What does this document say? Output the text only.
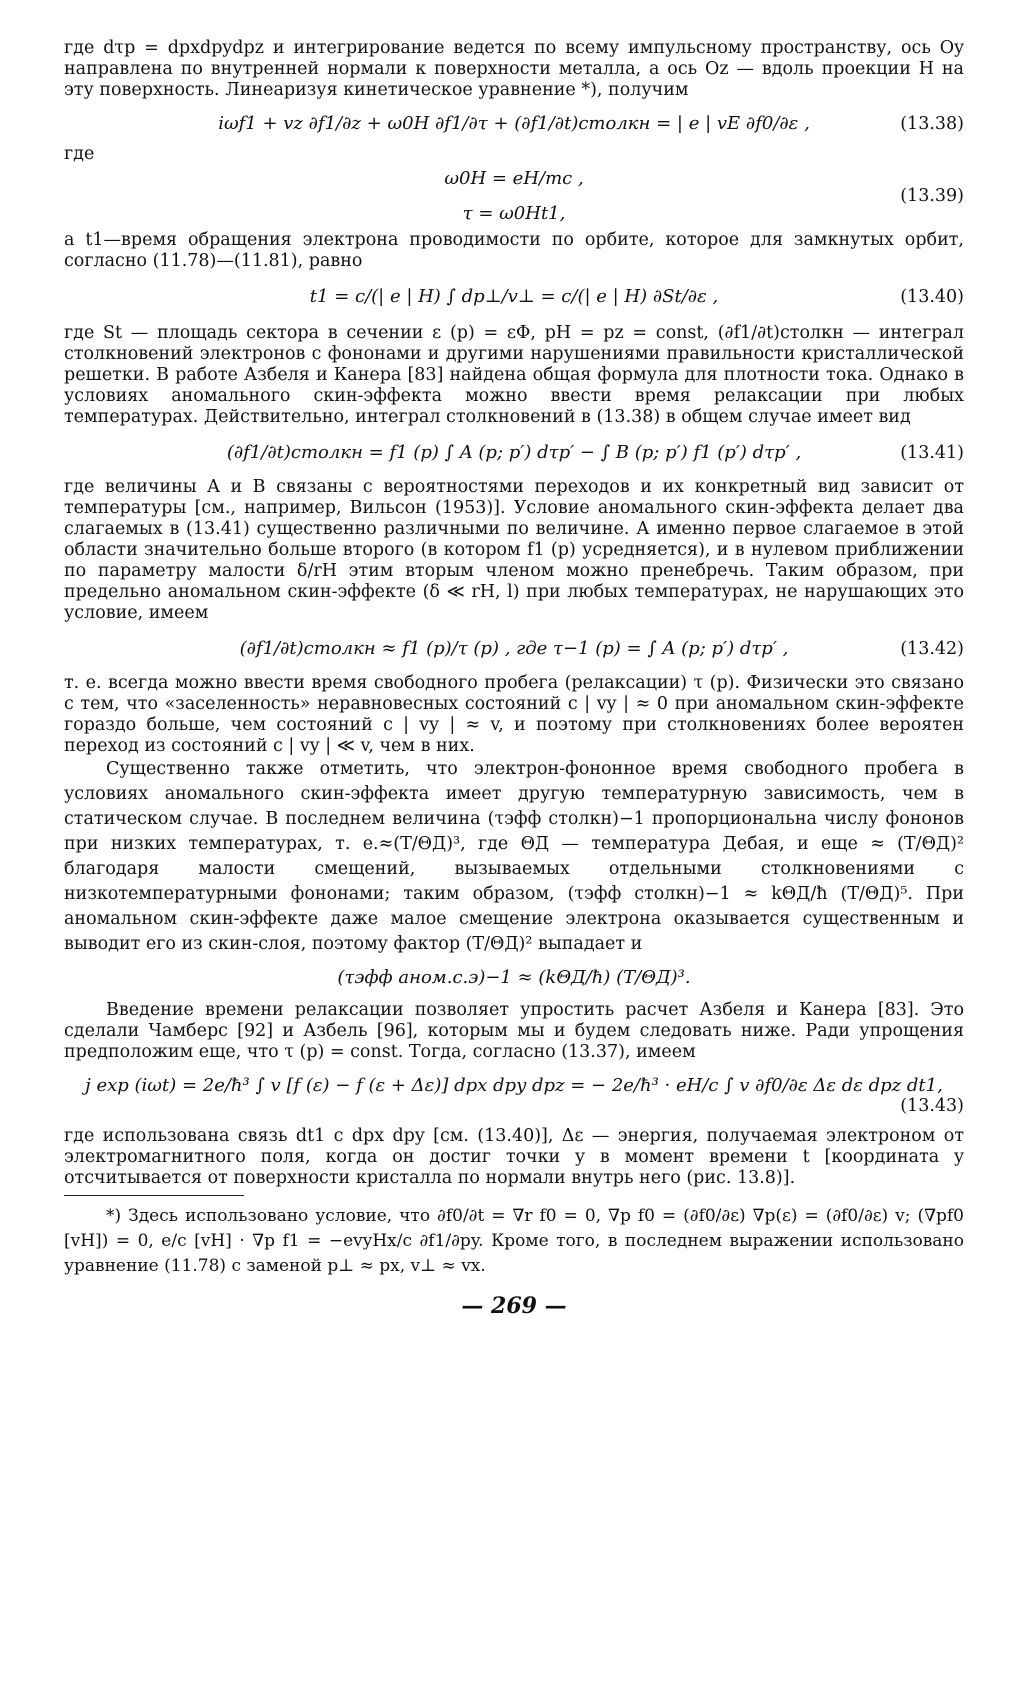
где dτp = dpxdpydpz и интегрирование ведется по всему импульсному пространству, ось Oy направлена по внутренней нормали к поверхности металла, а ось Oz — вдоль проекции H на эту поверхность. Линеаризуя кинетическое уравнение *), получим

iωf1 + vz ∂f1/∂z + ω0H ∂f1/∂τ + (∂f1/∂t)столкн = | e | vE ∂f0/∂ε ,	(13.38)

где

ω0H = eH/mc ,
τ = ω0Ht1,
(13.39)

а t1—время обращения электрона проводимости по орбите, которое для замкнутых орбит, согласно (11.78)—(11.81), равно

t1 = c/(| e | H) ∫ dp⊥/v⊥ = c/(| e | H) ∂St/∂ε ,	(13.40)

где St — площадь сектора в сечении ε (p) = εΦ, pH = pz = const, (∂f1/∂t)столкн — интеграл столкновений электронов с фононами и другими нарушениями правильности кристаллической решетки. В работе Азбеля и Канера [83] найдена общая формула для плотности тока. Однако в условиях аномального скин-эффекта можно ввести время релаксации при любых температурах. Действительно, интеграл столкновений в (13.38) в общем случае имеет вид

(∂f1/∂t)столкн = f1 (p) ∫ A (p; p′) dτp′ − ∫ B (p; p′) f1 (p′) dτp′ ,	(13.41)

где величины A и B связаны с вероятностями переходов и их конкретный вид зависит от температуры [см., например, Вильсон (1953)]. Условие аномального скин-эффекта делает два слагаемых в (13.41) существенно различными по величине. А именно первое слагаемое в этой области значительно больше второго (в котором f1 (p) усредняется), и в нулевом приближении по параметру малости δ/rH этим вторым членом можно пренебречь. Таким образом, при предельно аномальном скин-эффекте (δ ≪ rH, l) при любых температурах, не нарушающих это условие, имеем

(∂f1/∂t)столкн ≈ f1 (p)/τ (p) , где τ−1 (p) = ∫ A (p; p′) dτp′ ,	(13.42)

т. е. всегда можно ввести время свободного пробега (релаксации) τ (p). Физически это связано с тем, что «заселенность» неравновесных состояний с | vy | ≈ 0 при аномальном скин-эффекте гораздо больше, чем состояний с | vy | ≈ v, и поэтому при столкновениях более вероятен переход из состояний с | vy | ≪ v, чем в них.

Существенно также отметить, что электрон-фононное время свободного пробега в условиях аномального скин-эффекта имеет другую температурную зависимость, чем в статическом случае. В последнем величина (τэфф столкн)−1 пропорциональна числу фононов при низких температурах, т. е.≈(T/ΘД)³, где ΘД — температура Дебая, и еще ≈ (T/ΘД)² благодаря малости смещений, вызываемых отдельными столкновениями с низкотемпературными фононами; таким образом, (τэфф столкн)−1 ≈ kΘД/ħ (T/ΘД)⁵. При аномальном скин-эффекте даже малое смещение электрона оказывается существенным и выводит его из скин-слоя, поэтому фактор (T/ΘД)² выпадает и

(τэфф аном.с.э)−1 ≈ (kΘД/ħ) (T/ΘД)³.

Введение времени релаксации позволяет упростить расчет Азбеля и Канера [83]. Это сделали Чамберс [92] и Азбель [96], которым мы и будем следовать ниже. Ради упрощения предположим еще, что τ (p) = const. Тогда, согласно (13.37), имеем

j exp (iωt) = 2e/ħ³ ∫ v [f (ε) − f (ε + Δε)] dpx dpy dpz = − 2e/ħ³ · eH/c ∫ v ∂f0/∂ε Δε dε dpz dt1,
(13.43)

где использована связь dt1 с dpx dpy [см. (13.40)], Δε — энергия, получаемая электроном от электромагнитного поля, когда он достиг точки y в момент времени t [координата y отсчитывается от поверхности кристалла по нормали внутрь него (рис. 13.8)].

*) Здесь использовано условие, что ∂f0/∂t = ∇r f0 = 0, ∇p f0 = (∂f0/∂ε) ∇p(ε) = (∂f0/∂ε) v; (∇pf0 [vH]) = 0, e/c [vH] · ∇p f1 = −evyHx/c ∂f1/∂py. Кроме того, в последнем выражении использовано уравнение (11.78) с заменой p⊥ ≈ px, v⊥ ≈ vx.

— 269 —
